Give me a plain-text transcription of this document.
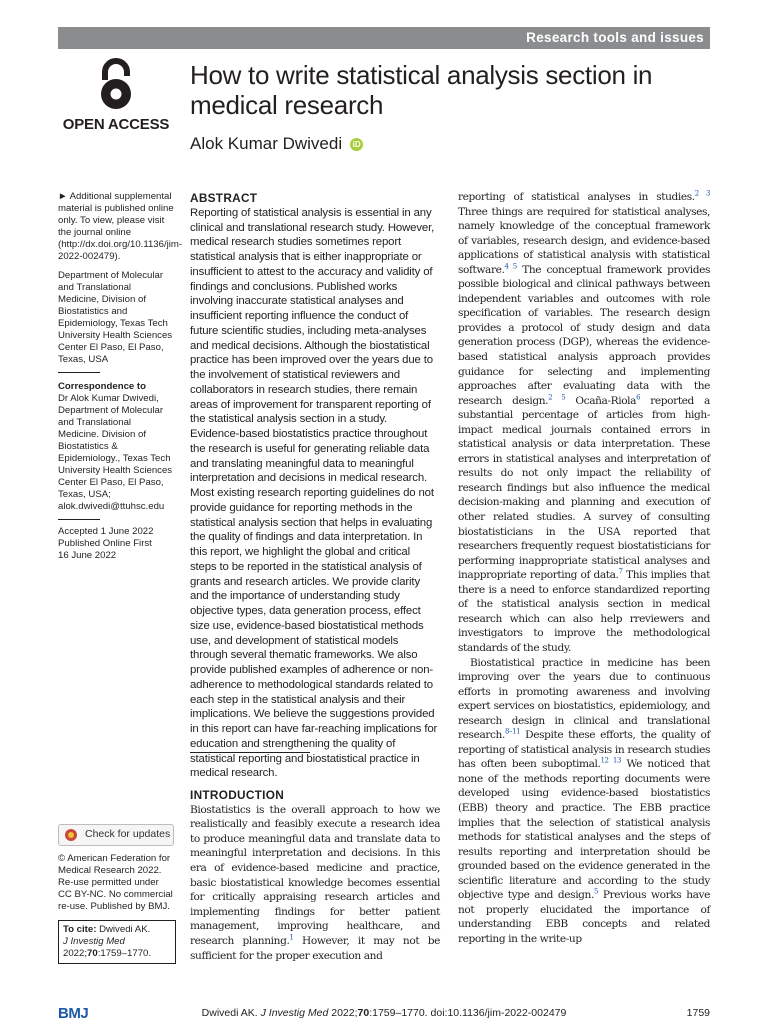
Research tools and issues
OPEN ACCESS
How to write statistical analysis section in medical research
Alok Kumar Dwivedi iD

► Additional supplemental material is published online only. To view, please visit the journal online (http://dx.doi.org/10.1136/jim-2022-002479).

Department of Molecular and Translational Medicine, Division of Biostatistics and Epidemiology, Texas Tech University Health Sciences Center El Paso, El Paso, Texas, USA

Correspondence to

Dr Alok Kumar Dwivedi, Department of Molecular and Translational Medicine. Division of Biostatistics & Epidemiology., Texas Tech University Health Sciences Center El Paso, El Paso, Texas, USA; alok.dwivedi@ttuhsc.edu

Accepted 1 June 2022

Published Online First

16 June 2022

Check for updates

© American Federation for Medical Research 2022. Re-use permitted under CC BY-NC. No commercial re-use. Published by BMJ.

To cite: Dwivedi AK.
J Investig Med
2022;70:1759–1770.
ABSTRACT

Reporting of statistical analysis is essential in any clinical and translational research study. However, medical research studies sometimes report statistical analysis that is either inappropriate or insufficient to attest to the accuracy and validity of findings and conclusions. Published works involving inaccurate statistical analyses and insufficient reporting influence the conduct of future scientific studies, including meta-analyses and medical decisions. Although the biostatistical practice has been improved over the years due to the involvement of statistical reviewers and collaborators in research studies, there remain areas of improvement for transparent reporting of the statistical analysis section in a study. Evidence-based biostatistics practice throughout the research is useful for generating reliable data and translating meaningful data to meaningful interpretation and decisions in medical research. Most existing research reporting guidelines do not provide guidance for reporting methods in the statistical analysis section that helps in evaluating the quality of findings and data interpretation. In this report, we highlight the global and critical steps to be reported in the statistical analysis of grants and research articles. We provide clarity and the importance of understanding study objective types, data generation process, effect size use, evidence-based biostatistical methods use, and development of statistical models through several thematic frameworks. We also provide published examples of adherence or non-adherence to methodological standards related to each step in the statistical analysis and their implications. We believe the suggestions provided in this report can have far-reaching implications for education and strengthening the quality of statistical reporting and biostatistical practice in medical research.

INTRODUCTION

Biostatistics is the overall approach to how we realistically and feasibly execute a research idea to produce meaningful data and translate data to meaningful interpretation and decisions. In this era of evidence-based medicine and practice, basic biostatistical knowledge becomes essential for critically appraising research articles and implementing findings for better patient management, improving healthcare, and research planning.$^1$ However, it may not be sufficient for the proper execution and

reporting of statistical analyses in studies.$^{2 3}$ Three things are required for statistical analyses, namely knowledge of the conceptual framework of variables, research design, and evidence-based applications of statistical analysis with statistical software.$^{4 5}$ The conceptual framework provides possible biological and clinical pathways between independent variables and outcomes with role specification of variables. The research design provides a protocol of study design and data generation process (DGP), whereas the evidence-based statistical analysis approach provides guidance for selecting and implementing approaches after evaluating data with the research design.$^{2 5}$ Ocaña-Riola$^6$ reported a substantial percentage of articles from high-impact medical journals contained errors in statistical analysis or data interpretation. These errors in statistical analyses and interpretation of results do not only impact the reliability of research findings but also influence the medical decision-making and planning and execution of other related studies. A survey of consulting biostatisticians in the USA reported that researchers frequently request biostatisticians for performing inappropriate statistical analyses and inappropriate reporting of data.$^7$ This implies that there is a need to enforce standardized reporting of the statistical analysis section in medical research which can also help rreviewers and investigators to improve the methodological standards of the study.

Biostatistical practice in medicine has been improving over the years due to continuous efforts in promoting awareness and involving expert services on biostatistics, epidemiology, and research design in clinical and translational research.$^{8-11}$ Despite these efforts, the quality of reporting of statistical analysis in research studies has often been suboptimal.$^{12 13}$ We noticed that none of the methods reporting documents were developed using evidence-based biostatistics (EBB) theory and practice. The EBB practice implies that the selection of statistical analysis methods for statistical analyses and the steps of results reporting and interpretation should be grounded based on the evidence generated in the scientific literature and according to the study objective type and design.$^5$ Previous works have not properly elucidated the importance of understanding EBB concepts and related reporting in the write-up

BMJ	Dwivedi AK. J Investig Med 2022;70:1759–1770. doi:10.1136/jim-2022-002479	1759
